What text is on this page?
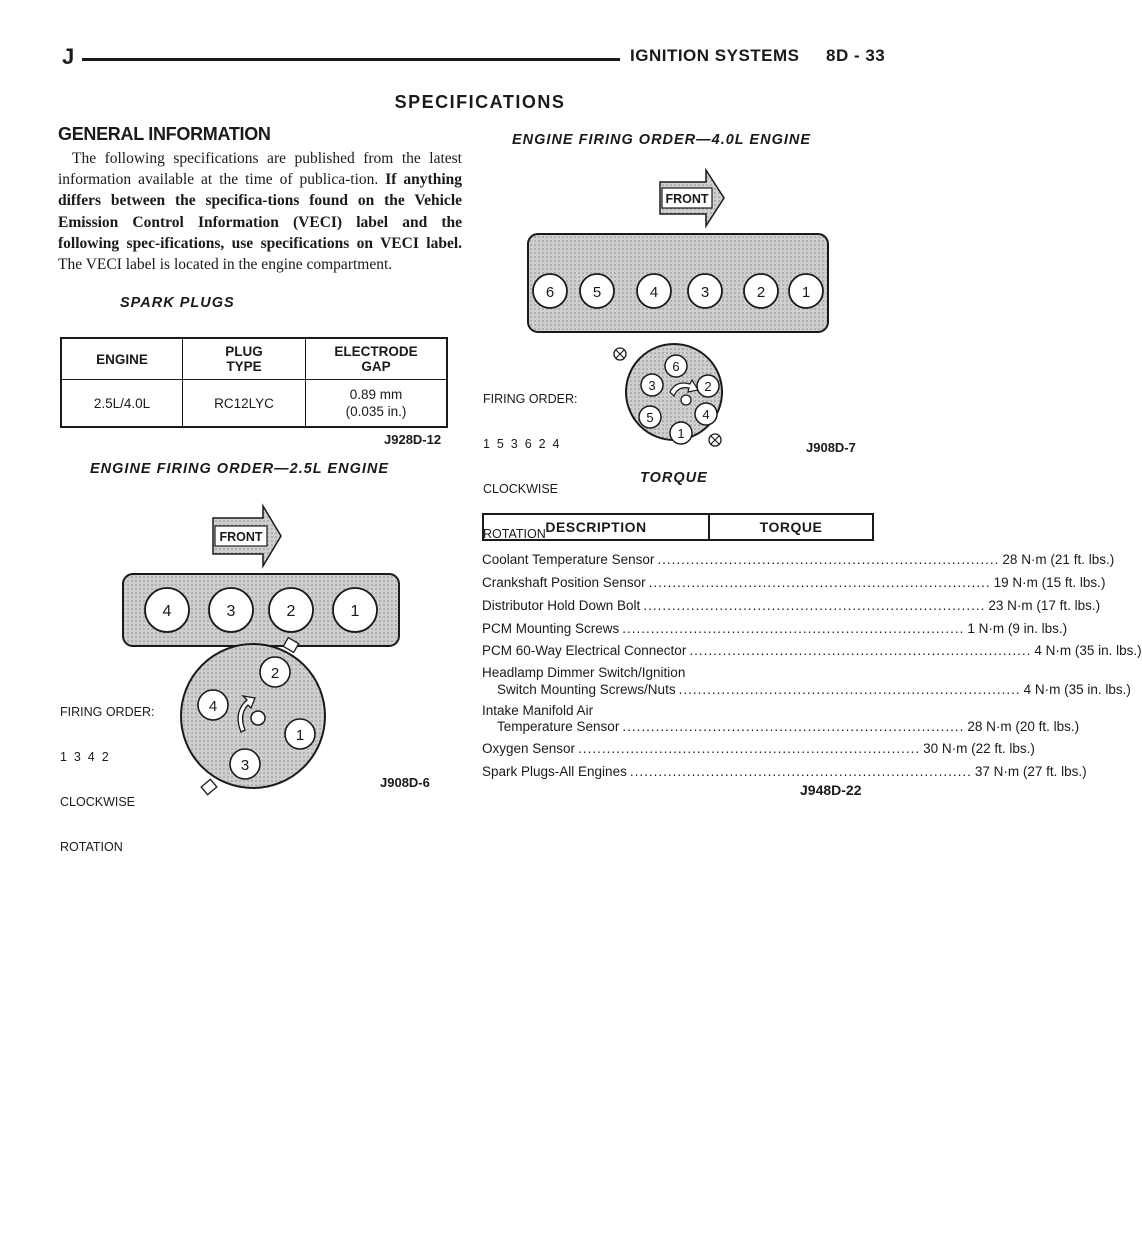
J	IGNITION SYSTEMS 8D - 33
SPECIFICATIONS
GENERAL INFORMATION
The following specifications are published from the latest information available at the time of publica-tion. If anything differs between the specifica-tions found on the Vehicle Emission Control Information (VECI) label and the following spec-ifications, use specifications on VECI label. The VECI label is located in the engine compartment.
SPARK PLUGS
ENGINE	PLUG TYPE	ELECTRODE GAP
2.5L/4.0L	RC12LYC	0.89 mm
(0.035 in.)
J928D-12
ENGINE FIRING ORDER—2.5L ENGINE
FRONT
4	3	2	1
2
4
1
3

FIRING ORDER:

1  3  4  2

CLOCKWISE

ROTATION

J908D-6
ENGINE FIRING ORDER—4.0L ENGINE
FRONT
6	5	4	3	2 1
6
3	2
4
5
1

FIRING ORDER:

1  5  3  6  2  4

CLOCKWISE

ROTATION

J908D-7
TORQUE
DESCRIPTION	TORQUE
Coolant Temperature Sensor ........................................................................ 28 N·m (21 ft. lbs.)
Crankshaft Position Sensor ........................................................................ 19 N·m (15 ft. lbs.)
Distributor Hold Down Bolt ........................................................................ 23 N·m (17 ft. lbs.)
PCM Mounting Screws ........................................................................ 1 N·m (9 in. lbs.)
PCM 60-Way Electrical Connector ........................................................................ 4 N·m (35 in. lbs.)
Headlamp Dimmer Switch/Ignition
Switch Mounting Screws/Nuts ........................................................................ 4 N·m (35 in. lbs.)
Intake Manifold Air
Temperature Sensor ........................................................................ 28 N·m (20 ft. lbs.)
Oxygen Sensor ........................................................................ 30 N·m (22 ft. lbs.)
Spark Plugs-All Engines ........................................................................ 37 N·m (27 ft. lbs.)
J948D-22
